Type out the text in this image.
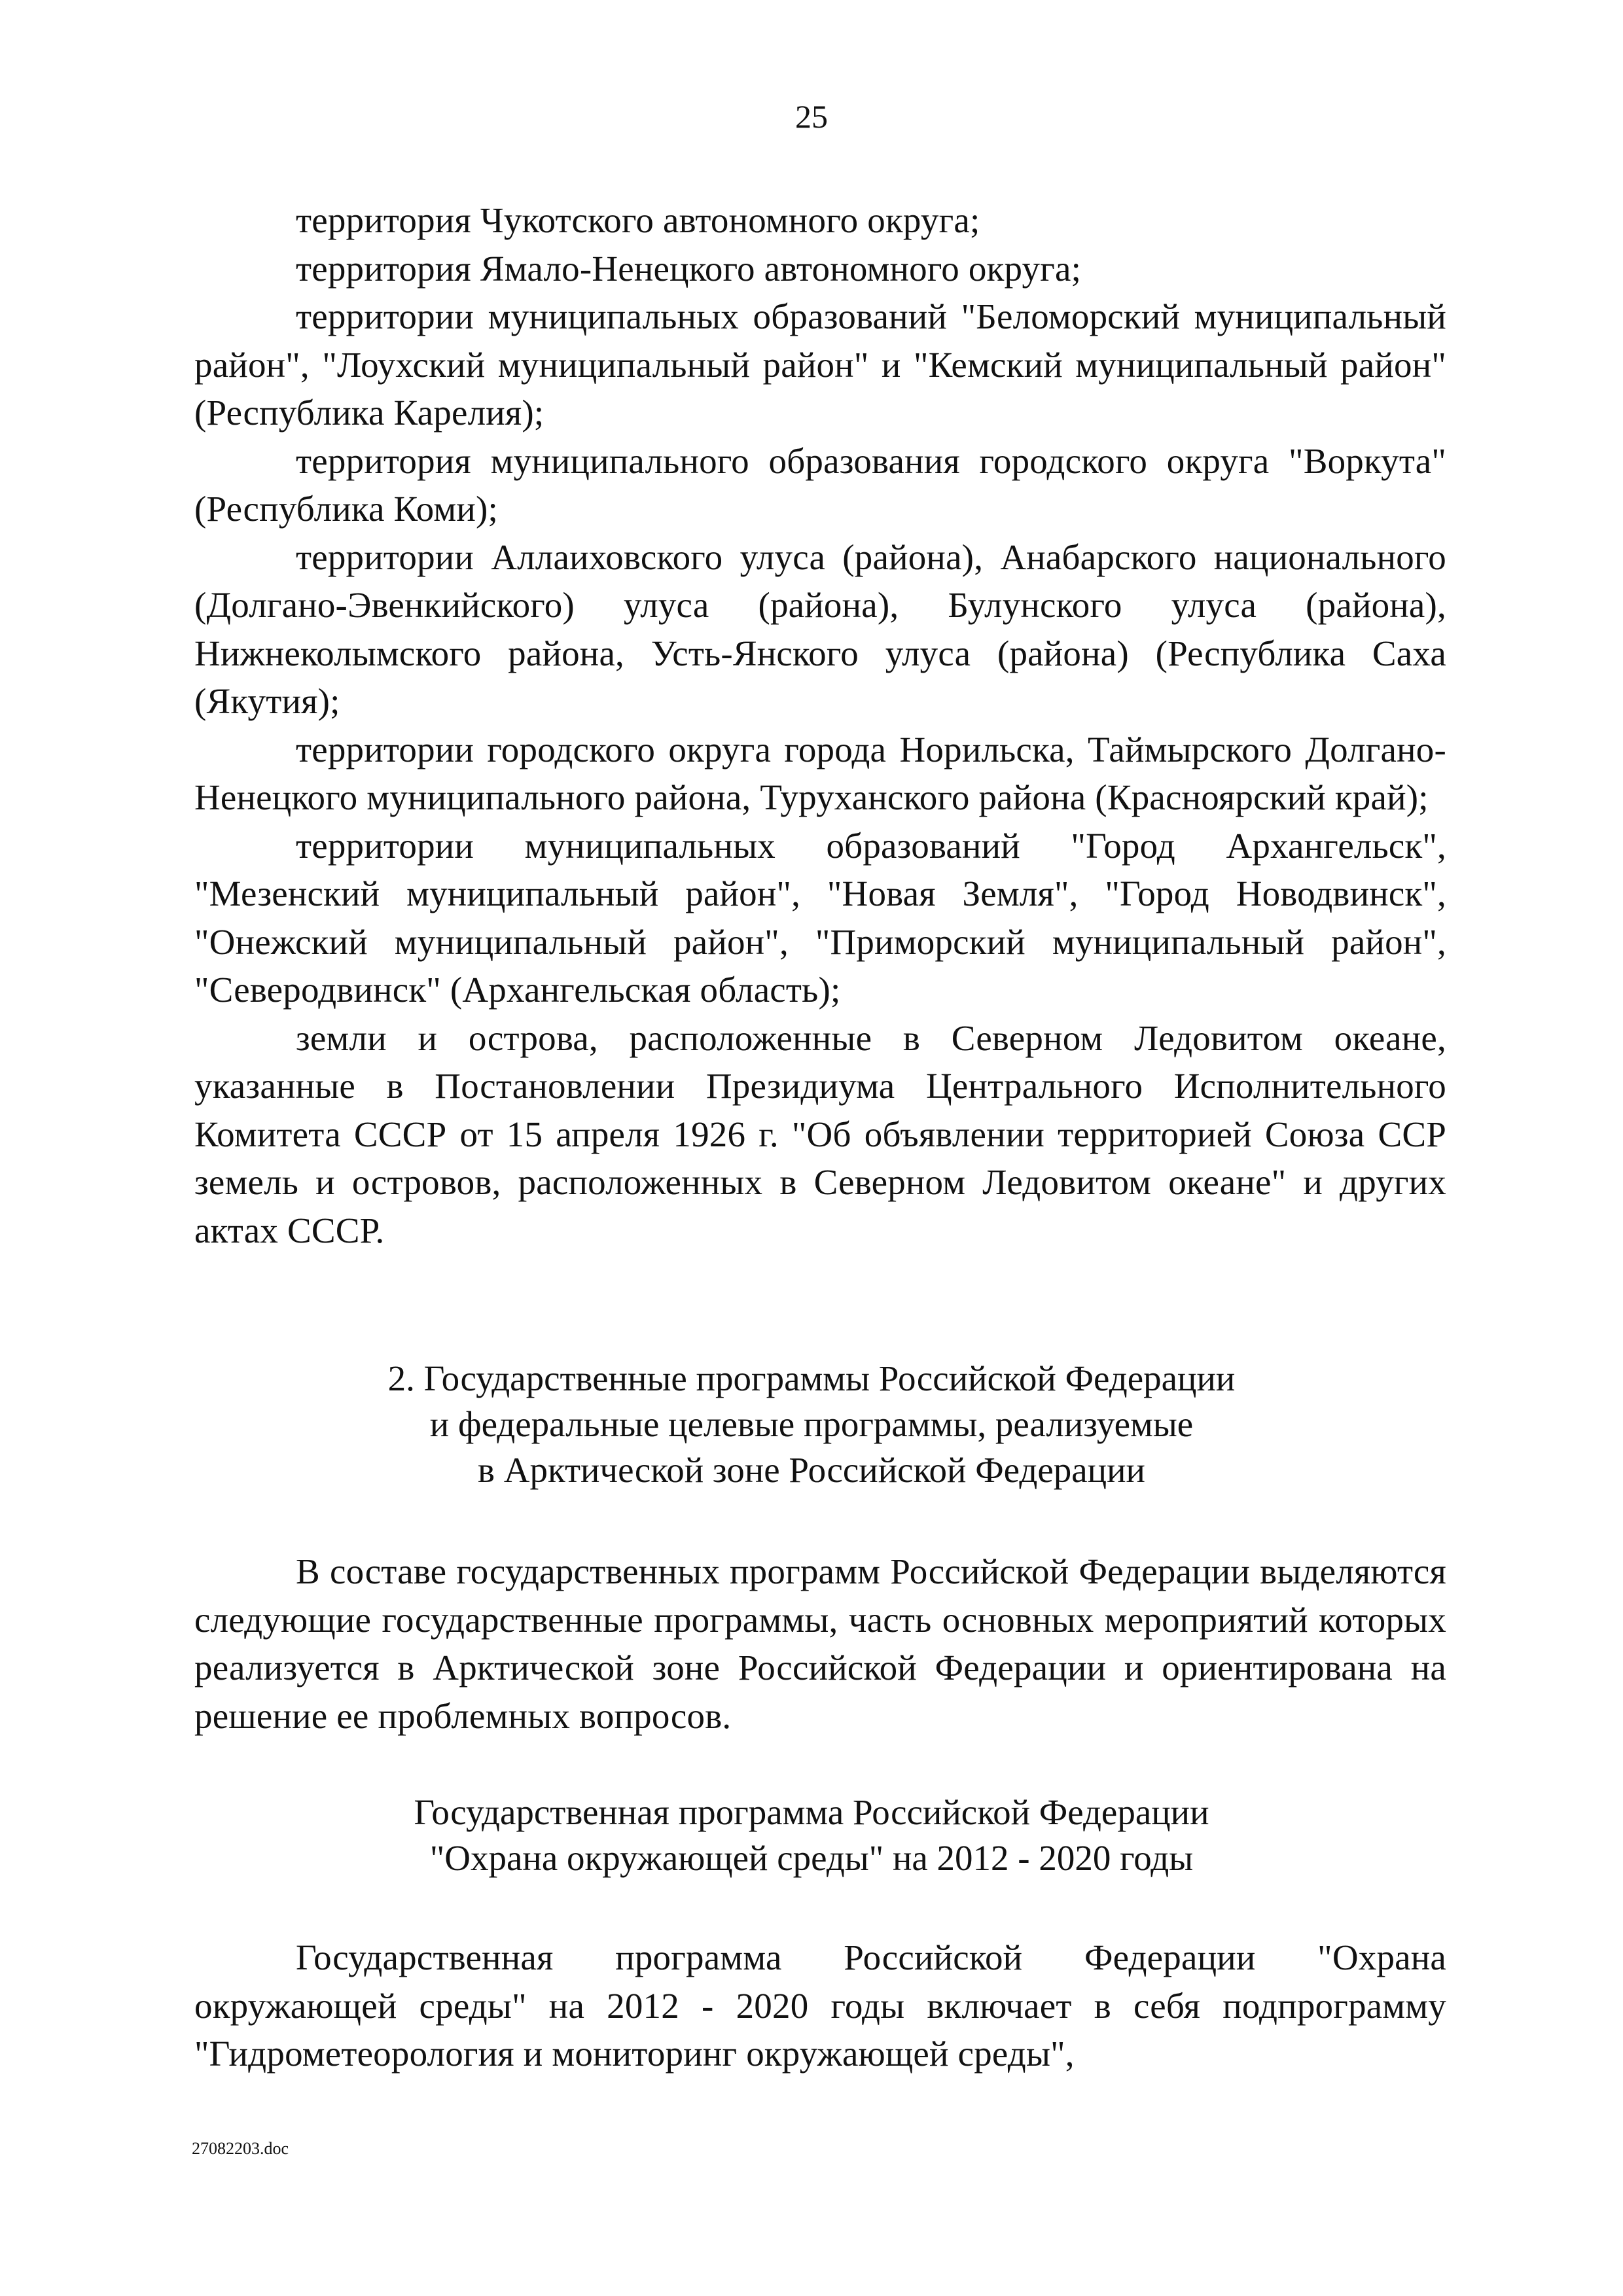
25

территория Чукотского автономного округа;

территория Ямало-Ненецкого автономного округа;

территории муниципальных образований "Беломорский муниципальный район", "Лоухский муниципальный район" и "Кемский муниципальный район" (Республика Карелия);

территория муниципального образования городского округа "Воркута" (Республика Коми);

территории Аллаиховского улуса (района), Анабарского национального (Долгано-Эвенкийского) улуса (района), Булунского улуса (района), Нижнеколымского района, Усть-Янского улуса (района) (Республика Саха (Якутия);

территории городского округа города Норильска, Таймырского Долгано-Ненецкого муниципального района, Туруханского района (Красноярский край);

территории муниципальных образований "Город Архангельск", "Мезенский муниципальный район", "Новая Земля", "Город Новодвинск", "Онежский муниципальный район", "Приморский муниципальный район", "Северодвинск" (Архангельская область);

земли и острова, расположенные в Северном Ледовитом океане, указанные в Постановлении Президиума Центрального Исполнительного Комитета СССР от 15 апреля 1926 г. "Об объявлении территорией Союза ССР земель и островов, расположенных в Северном Ледовитом океане" и других актах СССР.

2. Государственные программы Российской Федерации
и федеральные целевые программы, реализуемые
в Арктической зоне Российской Федерации

В составе государственных программ Российской Федерации выделяются следующие государственные программы, часть основных мероприятий которых реализуется в Арктической зоне Российской Федерации и ориентирована на решение ее проблемных вопросов.

Государственная программа Российской Федерации
"Охрана окружающей среды" на 2012 - 2020 годы

Государственная программа Российской Федерации "Охрана окружающей среды" на 2012 - 2020 годы включает в себя подпрограмму "Гидрометеорология и мониторинг окружающей среды",

27082203.doc
